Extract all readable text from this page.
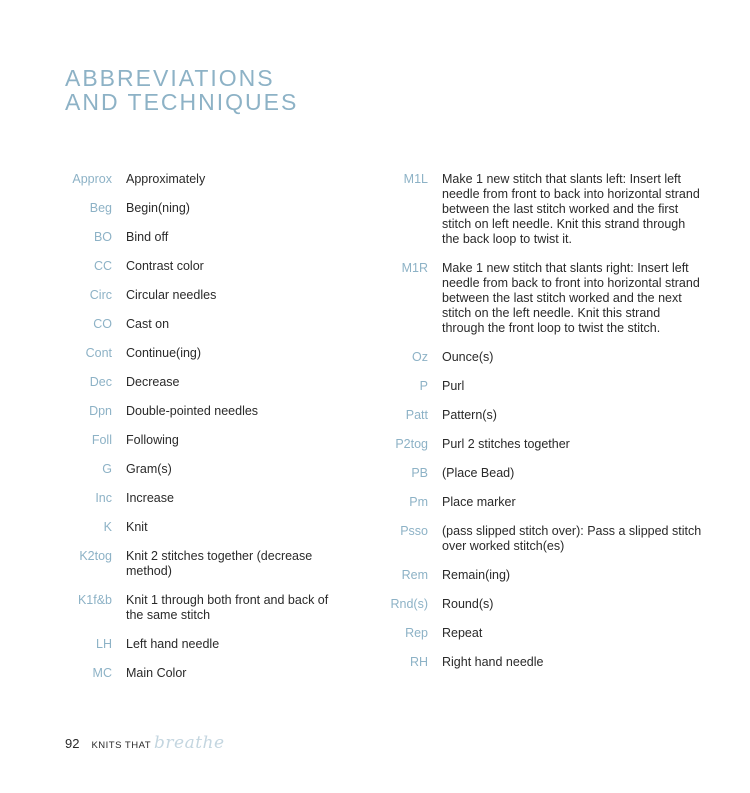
ABBREVIATIONS
AND TECHNIQUES
Approx Approximately
Beg Begin(ning)
BO Bind off
CC Contrast color
Circ Circular needles
CO Cast on
Cont Continue(ing)
Dec Decrease
Dpn Double-pointed needles
Foll Following
G Gram(s)
Inc Increase
K Knit
K2tog Knit 2 stitches together (decrease method)
K1f&b Knit 1 through both front and back of the same stitch
LH Left hand needle
MC Main Color
M1L Make 1 new stitch that slants left: Insert left needle from front to back into horizontal strand between the last stitch worked and the first stitch on left needle. Knit this strand through the back loop to twist it.
M1R Make 1 new stitch that slants right: Insert left needle from back to front into horizontal strand between the last stitch worked and the next stitch on the left needle. Knit this strand through the front loop to twist the stitch.
Oz Ounce(s)
P Purl
Patt Pattern(s)
P2tog Purl 2 stitches together
PB (Place Bead)
Pm Place marker
Psso (pass slipped stitch over): Pass a slipped stitch over worked stitch(es)
Rem Remain(ing)
Rnd(s) Round(s)
Rep Repeat
RH Right hand needle
92 KNITS THAT breathe
